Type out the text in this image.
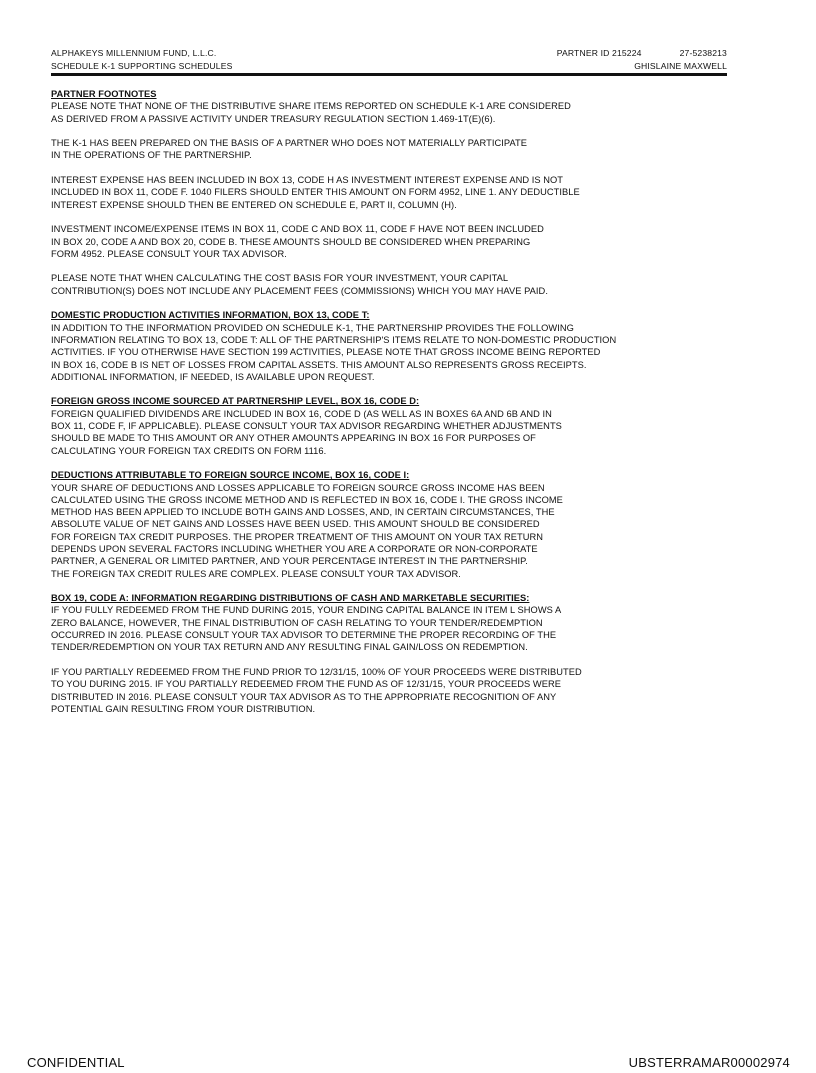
ALPHAKEYS MILLENNIUM FUND, L.L.C.	PARTNER ID 215224	27-5238213
SCHEDULE K-1 SUPPORTING SCHEDULES	GHISLAINE MAXWELL
PARTNER FOOTNOTES
PLEASE NOTE THAT NONE OF THE DISTRIBUTIVE SHARE ITEMS REPORTED ON SCHEDULE K-1 ARE CONSIDERED
AS DERIVED FROM A PASSIVE ACTIVITY UNDER TREASURY REGULATION SECTION 1.469-1T(E)(6).
THE K-1 HAS BEEN PREPARED ON THE BASIS OF A PARTNER WHO DOES NOT MATERIALLY PARTICIPATE
IN THE OPERATIONS OF THE PARTNERSHIP.
INTEREST EXPENSE HAS BEEN INCLUDED IN BOX 13, CODE H AS INVESTMENT INTEREST EXPENSE AND IS NOT
INCLUDED IN BOX 11, CODE F. 1040 FILERS SHOULD ENTER THIS AMOUNT ON FORM 4952, LINE 1. ANY DEDUCTIBLE
INTEREST EXPENSE SHOULD THEN BE ENTERED ON SCHEDULE E, PART II, COLUMN (H).
INVESTMENT INCOME/EXPENSE ITEMS IN BOX 11, CODE C AND BOX 11, CODE F HAVE NOT BEEN INCLUDED
IN BOX 20, CODE A AND BOX 20, CODE B. THESE AMOUNTS SHOULD BE CONSIDERED WHEN PREPARING
FORM 4952. PLEASE CONSULT YOUR TAX ADVISOR.
PLEASE NOTE THAT WHEN CALCULATING THE COST BASIS FOR YOUR INVESTMENT, YOUR CAPITAL
CONTRIBUTION(S) DOES NOT INCLUDE ANY PLACEMENT FEES (COMMISSIONS) WHICH YOU MAY HAVE PAID.
DOMESTIC PRODUCTION ACTIVITIES INFORMATION, BOX 13, CODE T:
IN ADDITION TO THE INFORMATION PROVIDED ON SCHEDULE K-1, THE PARTNERSHIP PROVIDES THE FOLLOWING
INFORMATION RELATING TO BOX 13, CODE T: ALL OF THE PARTNERSHIP'S ITEMS RELATE TO NON-DOMESTIC PRODUCTION
ACTIVITIES. IF YOU OTHERWISE HAVE SECTION 199 ACTIVITIES, PLEASE NOTE THAT GROSS INCOME BEING REPORTED
IN BOX 16, CODE B IS NET OF LOSSES FROM CAPITAL ASSETS. THIS AMOUNT ALSO REPRESENTS GROSS RECEIPTS.
ADDITIONAL INFORMATION, IF NEEDED, IS AVAILABLE UPON REQUEST.
FOREIGN GROSS INCOME SOURCED AT PARTNERSHIP LEVEL, BOX 16, CODE D:
FOREIGN QUALIFIED DIVIDENDS ARE INCLUDED IN BOX 16, CODE D (AS WELL AS IN BOXES 6A AND 6B AND IN
BOX 11, CODE F, IF APPLICABLE). PLEASE CONSULT YOUR TAX ADVISOR REGARDING WHETHER ADJUSTMENTS
SHOULD BE MADE TO THIS AMOUNT OR ANY OTHER AMOUNTS APPEARING IN BOX 16 FOR PURPOSES OF
CALCULATING YOUR FOREIGN TAX CREDITS ON FORM 1116.
DEDUCTIONS ATTRIBUTABLE TO FOREIGN SOURCE INCOME, BOX 16, CODE I:
YOUR SHARE OF DEDUCTIONS AND LOSSES APPLICABLE TO FOREIGN SOURCE GROSS INCOME HAS BEEN
CALCULATED USING THE GROSS INCOME METHOD AND IS REFLECTED IN BOX 16, CODE I. THE GROSS INCOME
METHOD HAS BEEN APPLIED TO INCLUDE BOTH GAINS AND LOSSES, AND, IN CERTAIN CIRCUMSTANCES, THE
ABSOLUTE VALUE OF NET GAINS AND LOSSES HAVE BEEN USED. THIS AMOUNT SHOULD BE CONSIDERED
FOR FOREIGN TAX CREDIT PURPOSES. THE PROPER TREATMENT OF THIS AMOUNT ON YOUR TAX RETURN
DEPENDS UPON SEVERAL FACTORS INCLUDING WHETHER YOU ARE A CORPORATE OR NON-CORPORATE
PARTNER, A GENERAL OR LIMITED PARTNER, AND YOUR PERCENTAGE INTEREST IN THE PARTNERSHIP.
THE FOREIGN TAX CREDIT RULES ARE COMPLEX. PLEASE CONSULT YOUR TAX ADVISOR.
BOX 19, CODE A: INFORMATION REGARDING DISTRIBUTIONS OF CASH AND MARKETABLE SECURITIES:
IF YOU FULLY REDEEMED FROM THE FUND DURING 2015, YOUR ENDING CAPITAL BALANCE IN ITEM L SHOWS A
ZERO BALANCE, HOWEVER, THE FINAL DISTRIBUTION OF CASH RELATING TO YOUR TENDER/REDEMPTION
OCCURRED IN 2016. PLEASE CONSULT YOUR TAX ADVISOR TO DETERMINE THE PROPER RECORDING OF THE
TENDER/REDEMPTION ON YOUR TAX RETURN AND ANY RESULTING FINAL GAIN/LOSS ON REDEMPTION.
IF YOU PARTIALLY REDEEMED FROM THE FUND PRIOR TO 12/31/15, 100% OF YOUR PROCEEDS WERE DISTRIBUTED
TO YOU DURING 2015. IF YOU PARTIALLY REDEEMED FROM THE FUND AS OF 12/31/15, YOUR PROCEEDS WERE
DISTRIBUTED IN 2016. PLEASE CONSULT YOUR TAX ADVISOR AS TO THE APPROPRIATE RECOGNITION OF ANY
POTENTIAL GAIN RESULTING FROM YOUR DISTRIBUTION.
CONFIDENTIAL	UBSTERRAMAR00002974
